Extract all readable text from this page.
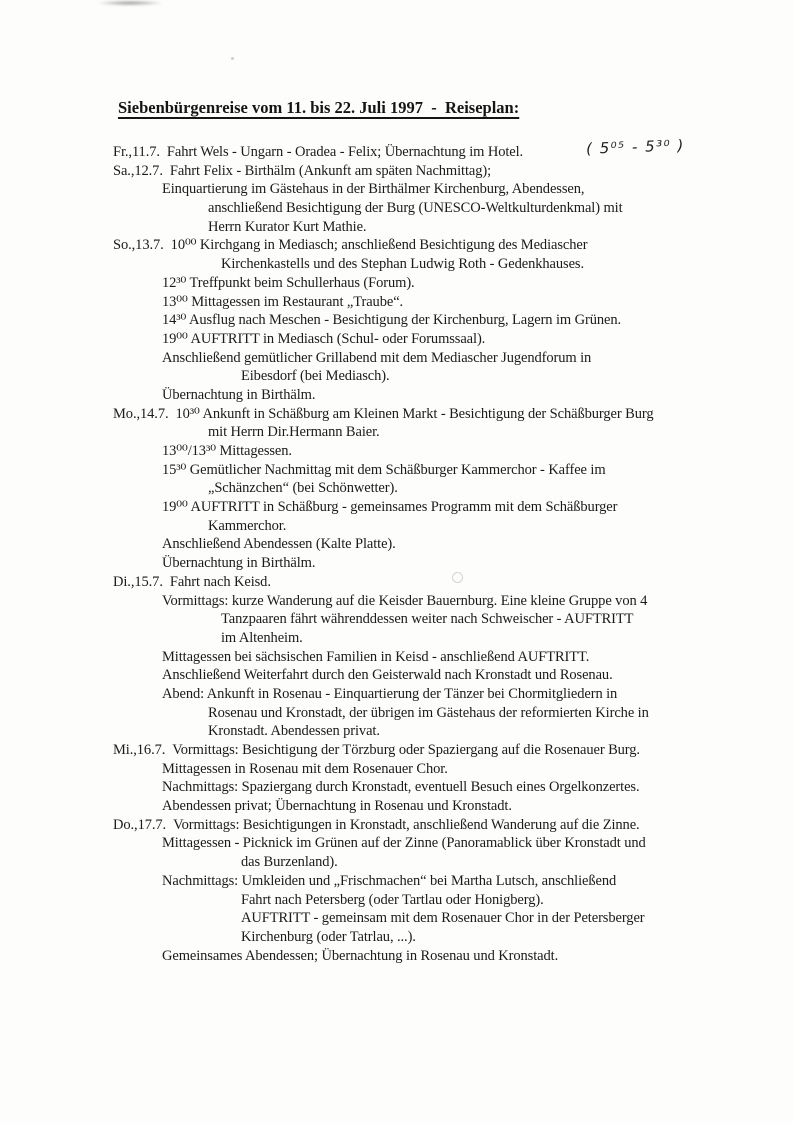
Siebenbürgenreise vom 11. bis 22. Juli 1997  -  Reiseplan:
( 5⁰⁵ - 5³⁰ )
Fr.,11.7. Fahrt Wels - Ungarn - Oradea - Felix; Übernachtung im Hotel.
Sa.,12.7. Fahrt Felix - Birthälm (Ankunft am späten Nachmittag);
Einquartierung im Gästehaus in der Birthälmer Kirchenburg, Abendessen,
anschließend Besichtigung der Burg (UNESCO-Weltkulturdenkmal) mit
Herrn Kurator Kurt Mathie.
So.,13.7. 10⁰⁰ Kirchgang in Mediasch; anschließend Besichtigung des Mediascher
Kirchenkastells und des Stephan Ludwig Roth - Gedenkhauses.
12³⁰ Treffpunkt beim Schullerhaus (Forum).
13⁰⁰ Mittagessen im Restaurant „Traube“.
14³⁰ Ausflug nach Meschen - Besichtigung der Kirchenburg, Lagern im Grünen.
19⁰⁰ AUFTRITT in Mediasch (Schul- oder Forumssaal).
Anschließend gemütlicher Grillabend mit dem Mediascher Jugendforum in
Eibesdorf (bei Mediasch).
Übernachtung in Birthälm.
Mo.,14.7. 10³⁰ Ankunft in Schäßburg am Kleinen Markt - Besichtigung der Schäßburger Burg
mit Herrn Dir.Hermann Baier.
13⁰⁰/13³⁰ Mittagessen.
15³⁰ Gemütlicher Nachmittag mit dem Schäßburger Kammerchor - Kaffee im
„Schänzchen“ (bei Schönwetter).
19⁰⁰ AUFTRITT in Schäßburg - gemeinsames Programm mit dem Schäßburger
Kammerchor.
Anschließend Abendessen (Kalte Platte).
Übernachtung in Birthälm.
Di.,15.7. Fahrt nach Keisd.
Vormittags: kurze Wanderung auf die Keisder Bauernburg. Eine kleine Gruppe von 4
Tanzpaaren fährt währenddessen weiter nach Schweischer - AUFTRITT
im Altenheim.
Mittagessen bei sächsischen Familien in Keisd - anschließend AUFTRITT.
Anschließend Weiterfahrt durch den Geisterwald nach Kronstadt und Rosenau.
Abend: Ankunft in Rosenau - Einquartierung der Tänzer bei Chormitgliedern in
Rosenau und Kronstadt, der übrigen im Gästehaus der reformierten Kirche in
Kronstadt. Abendessen privat.
Mi.,16.7. Vormittags: Besichtigung der Törzburg oder Spaziergang auf die Rosenauer Burg.
Mittagessen in Rosenau mit dem Rosenauer Chor.
Nachmittags: Spaziergang durch Kronstadt, eventuell Besuch eines Orgelkonzertes.
Abendessen privat; Übernachtung in Rosenau und Kronstadt.
Do.,17.7. Vormittags: Besichtigungen in Kronstadt, anschließend Wanderung auf die Zinne.
Mittagessen - Picknick im Grünen auf der Zinne (Panoramablick über Kronstadt und
das Burzenland).
Nachmittags: Umkleiden und „Frischmachen“ bei Martha Lutsch, anschließend
Fahrt nach Petersberg (oder Tartlau oder Honigberg).
AUFTRITT - gemeinsam mit dem Rosenauer Chor in der Petersberger
Kirchenburg (oder Tatrlau, ...).
Gemeinsames Abendessen; Übernachtung in Rosenau und Kronstadt.
